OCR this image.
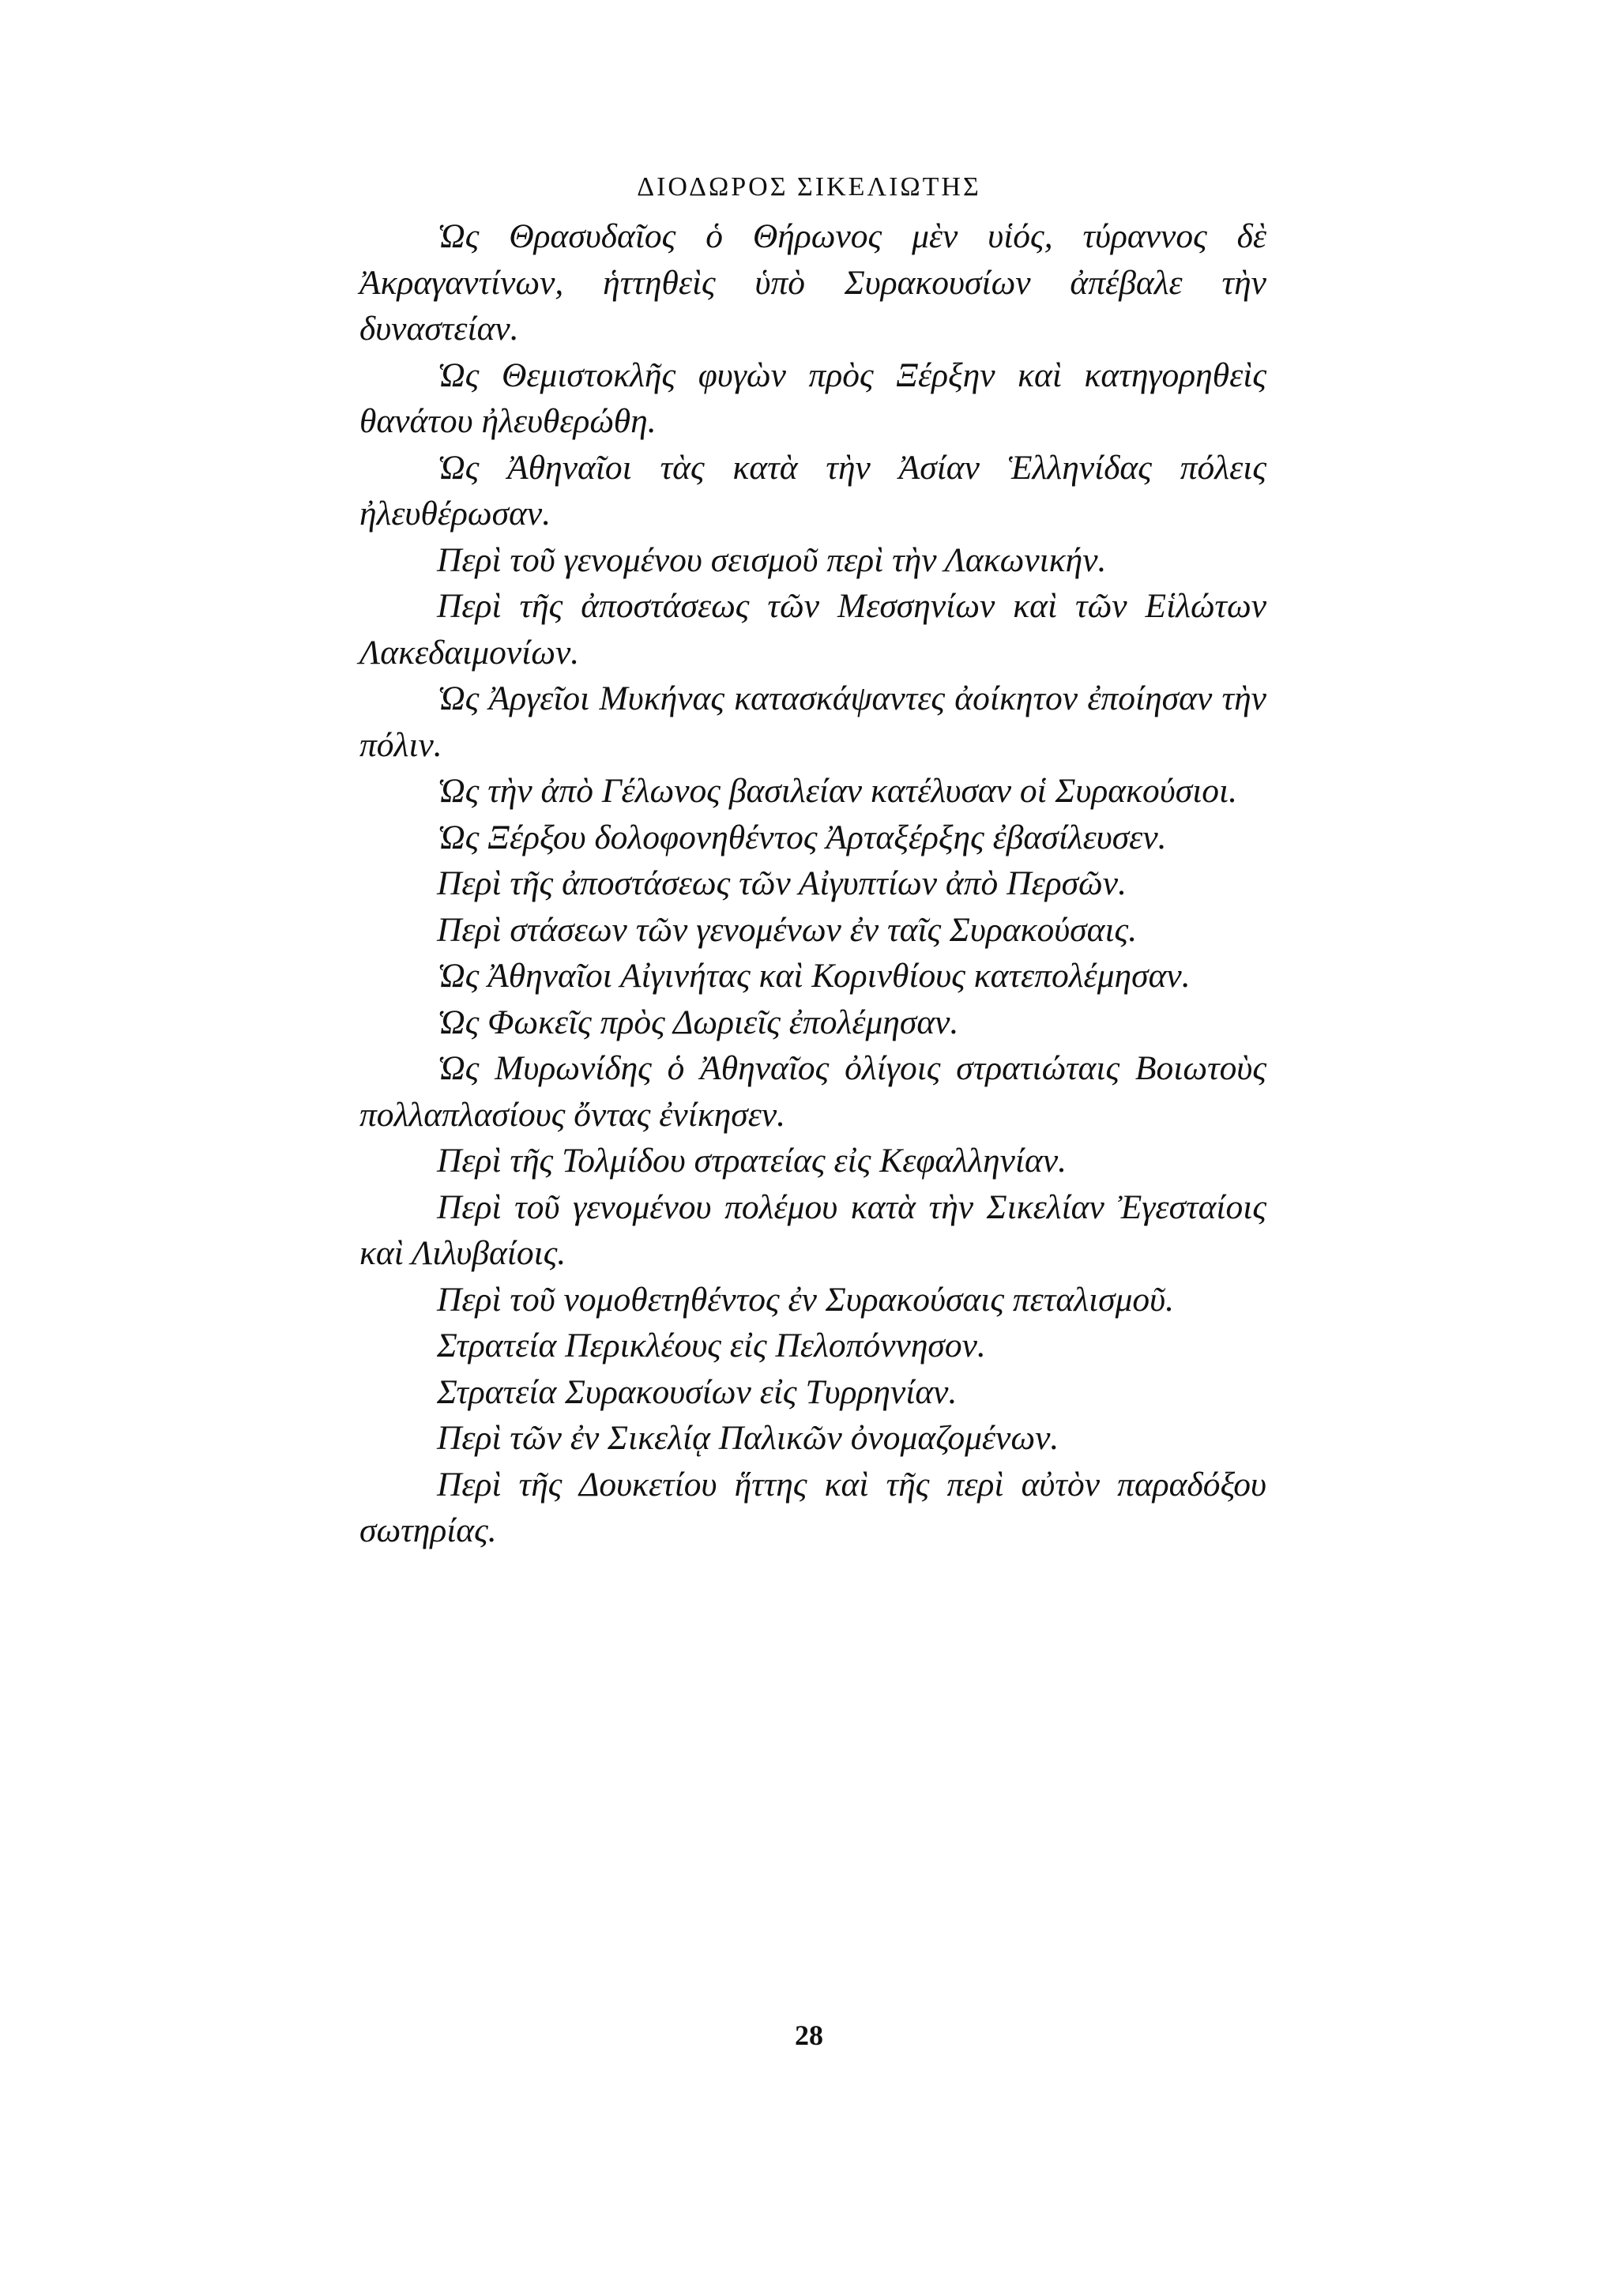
ΔΙΟΔΩΡΟΣ ΣΙΚΕΛΙΩΤΗΣ

Ὡς Θρασυδαῖος ὁ Θήρωνος μὲν υἱός, τύραννος δὲ Ἀκραγαντίνων, ἡττηθεὶς ὑπὸ Συρακουσίων ἀπέβαλε τὴν δυναστείαν.

Ὡς Θεμιστοκλῆς φυγὼν πρὸς Ξέρξην καὶ κατηγορηθεὶς θανάτου ἠλευθερώθη.

Ὡς Ἀθηναῖοι τὰς κατὰ τὴν Ἀσίαν Ἑλληνίδας πόλεις ἠλευθέρωσαν.

Περὶ τοῦ γενομένου σεισμοῦ περὶ τὴν Λακωνικήν.

Περὶ τῆς ἀποστάσεως τῶν Μεσσηνίων καὶ τῶν Εἱλώτων Λακεδαιμονίων.

Ὡς Ἀργεῖοι Μυκήνας κατασκάψαντες ἀοίκητον ἐποίησαν τὴν πόλιν.

Ὡς τὴν ἀπὸ Γέλωνος βασιλείαν κατέλυσαν οἱ Συρακούσιοι.

Ὡς Ξέρξου δολοφονηθέντος Ἀρταξέρξης ἐβασίλευσεν.

Περὶ τῆς ἀποστάσεως τῶν Αἰγυπτίων ἀπὸ Περσῶν.

Περὶ στάσεων τῶν γενομένων ἐν ταῖς Συρακούσαις.

Ὡς Ἀθηναῖοι Αἰγινήτας καὶ Κορινθίους κατεπολέμησαν.

Ὡς Φωκεῖς πρὸς Δωριεῖς ἐπολέμησαν.

Ὡς Μυρωνίδης ὁ Ἀθηναῖος ὀλίγοις στρατιώταις Βοιωτοὺς πολλαπλασίους ὄντας ἐνίκησεν.

Περὶ τῆς Τολμίδου στρατείας εἰς Κεφαλληνίαν.

Περὶ τοῦ γενομένου πολέμου κατὰ τὴν Σικελίαν Ἐγεσταίοις καὶ Λιλυβαίοις.

Περὶ τοῦ νομοθετηθέντος ἐν Συρακούσαις πεταλισμοῦ.

Στρατεία Περικλέους εἰς Πελοπόννησον.

Στρατεία Συρακουσίων εἰς Τυρρηνίαν.

Περὶ τῶν ἐν Σικελίᾳ Παλικῶν ὀνομαζομένων.

Περὶ τῆς Δουκετίου ἥττης καὶ τῆς περὶ αὐτὸν παραδόξου σωτηρίας.

28
